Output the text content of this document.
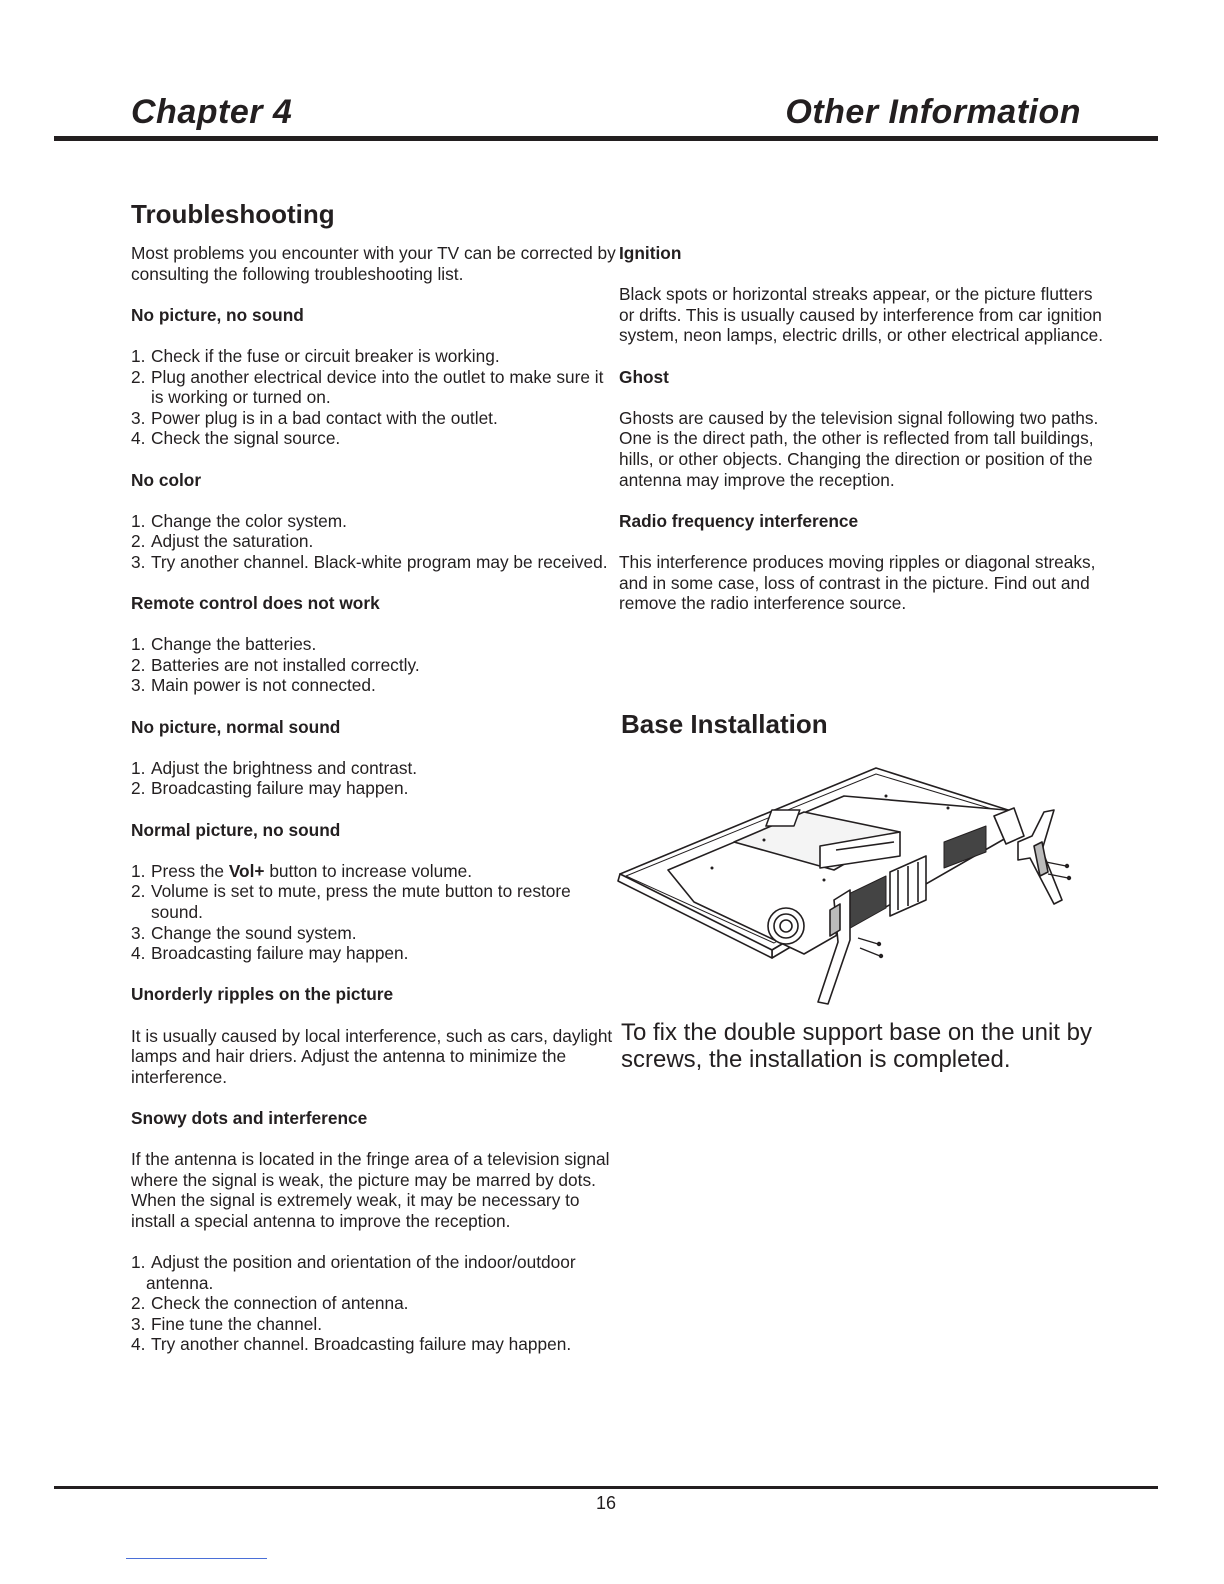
Chapter 4	Other Information
Troubleshooting

Most problems you encounter with your TV can be corrected by consulting the following troubleshooting list.

No picture, no sound

1. Check if the fuse or circuit breaker is working.
2. Plug another electrical device into the outlet to make sure it is working or turned on.
3. Power plug is in a bad contact with the outlet.
4. Check the signal source.

No color

1. Change the color system.
2. Adjust the saturation.
3. Try another channel. Black-white program may be received.

Remote control does not work

1. Change the batteries.
2. Batteries are not installed correctly.
3. Main power is not connected.

No picture, normal sound

1. Adjust the brightness and contrast.
2. Broadcasting failure may happen.

Normal picture, no sound

1. Press the Vol+ button to increase volume.
2. Volume is set to mute, press the mute button to restore sound.
3. Change the sound system.
4. Broadcasting failure may happen.

Unorderly ripples on the picture

It is usually caused by local interference, such as cars, daylight lamps and hair driers. Adjust the antenna to minimize the interference.

Snowy dots and interference

If the antenna is located in the fringe area of a television signal where the signal is weak, the picture may be marred by dots. When the signal is extremely weak, it may be necessary to install a special antenna to improve the reception.

1. Adjust the position and orientation of the indoor/outdoor antenna.
2. Check the connection of antenna.
3. Fine tune the channel.
4. Try another channel. Broadcasting failure may happen.

Ignition

Black spots or horizontal streaks appear, or the picture flutters or drifts. This is usually caused by interference from car ignition system, neon lamps, electric drills, or other electrical appliance.

Ghost

Ghosts are caused by the television signal following two paths. One is the direct path, the other is reflected from tall buildings, hills, or other objects. Changing the direction or position of the antenna may improve the reception.

Radio frequency interference

This interference produces moving ripples or diagonal streaks, and in some case, loss of contrast in the picture. Find out and remove the radio interference source.

Base Installation

To fix the double support base on the unit by screws, the installation is completed.

16
